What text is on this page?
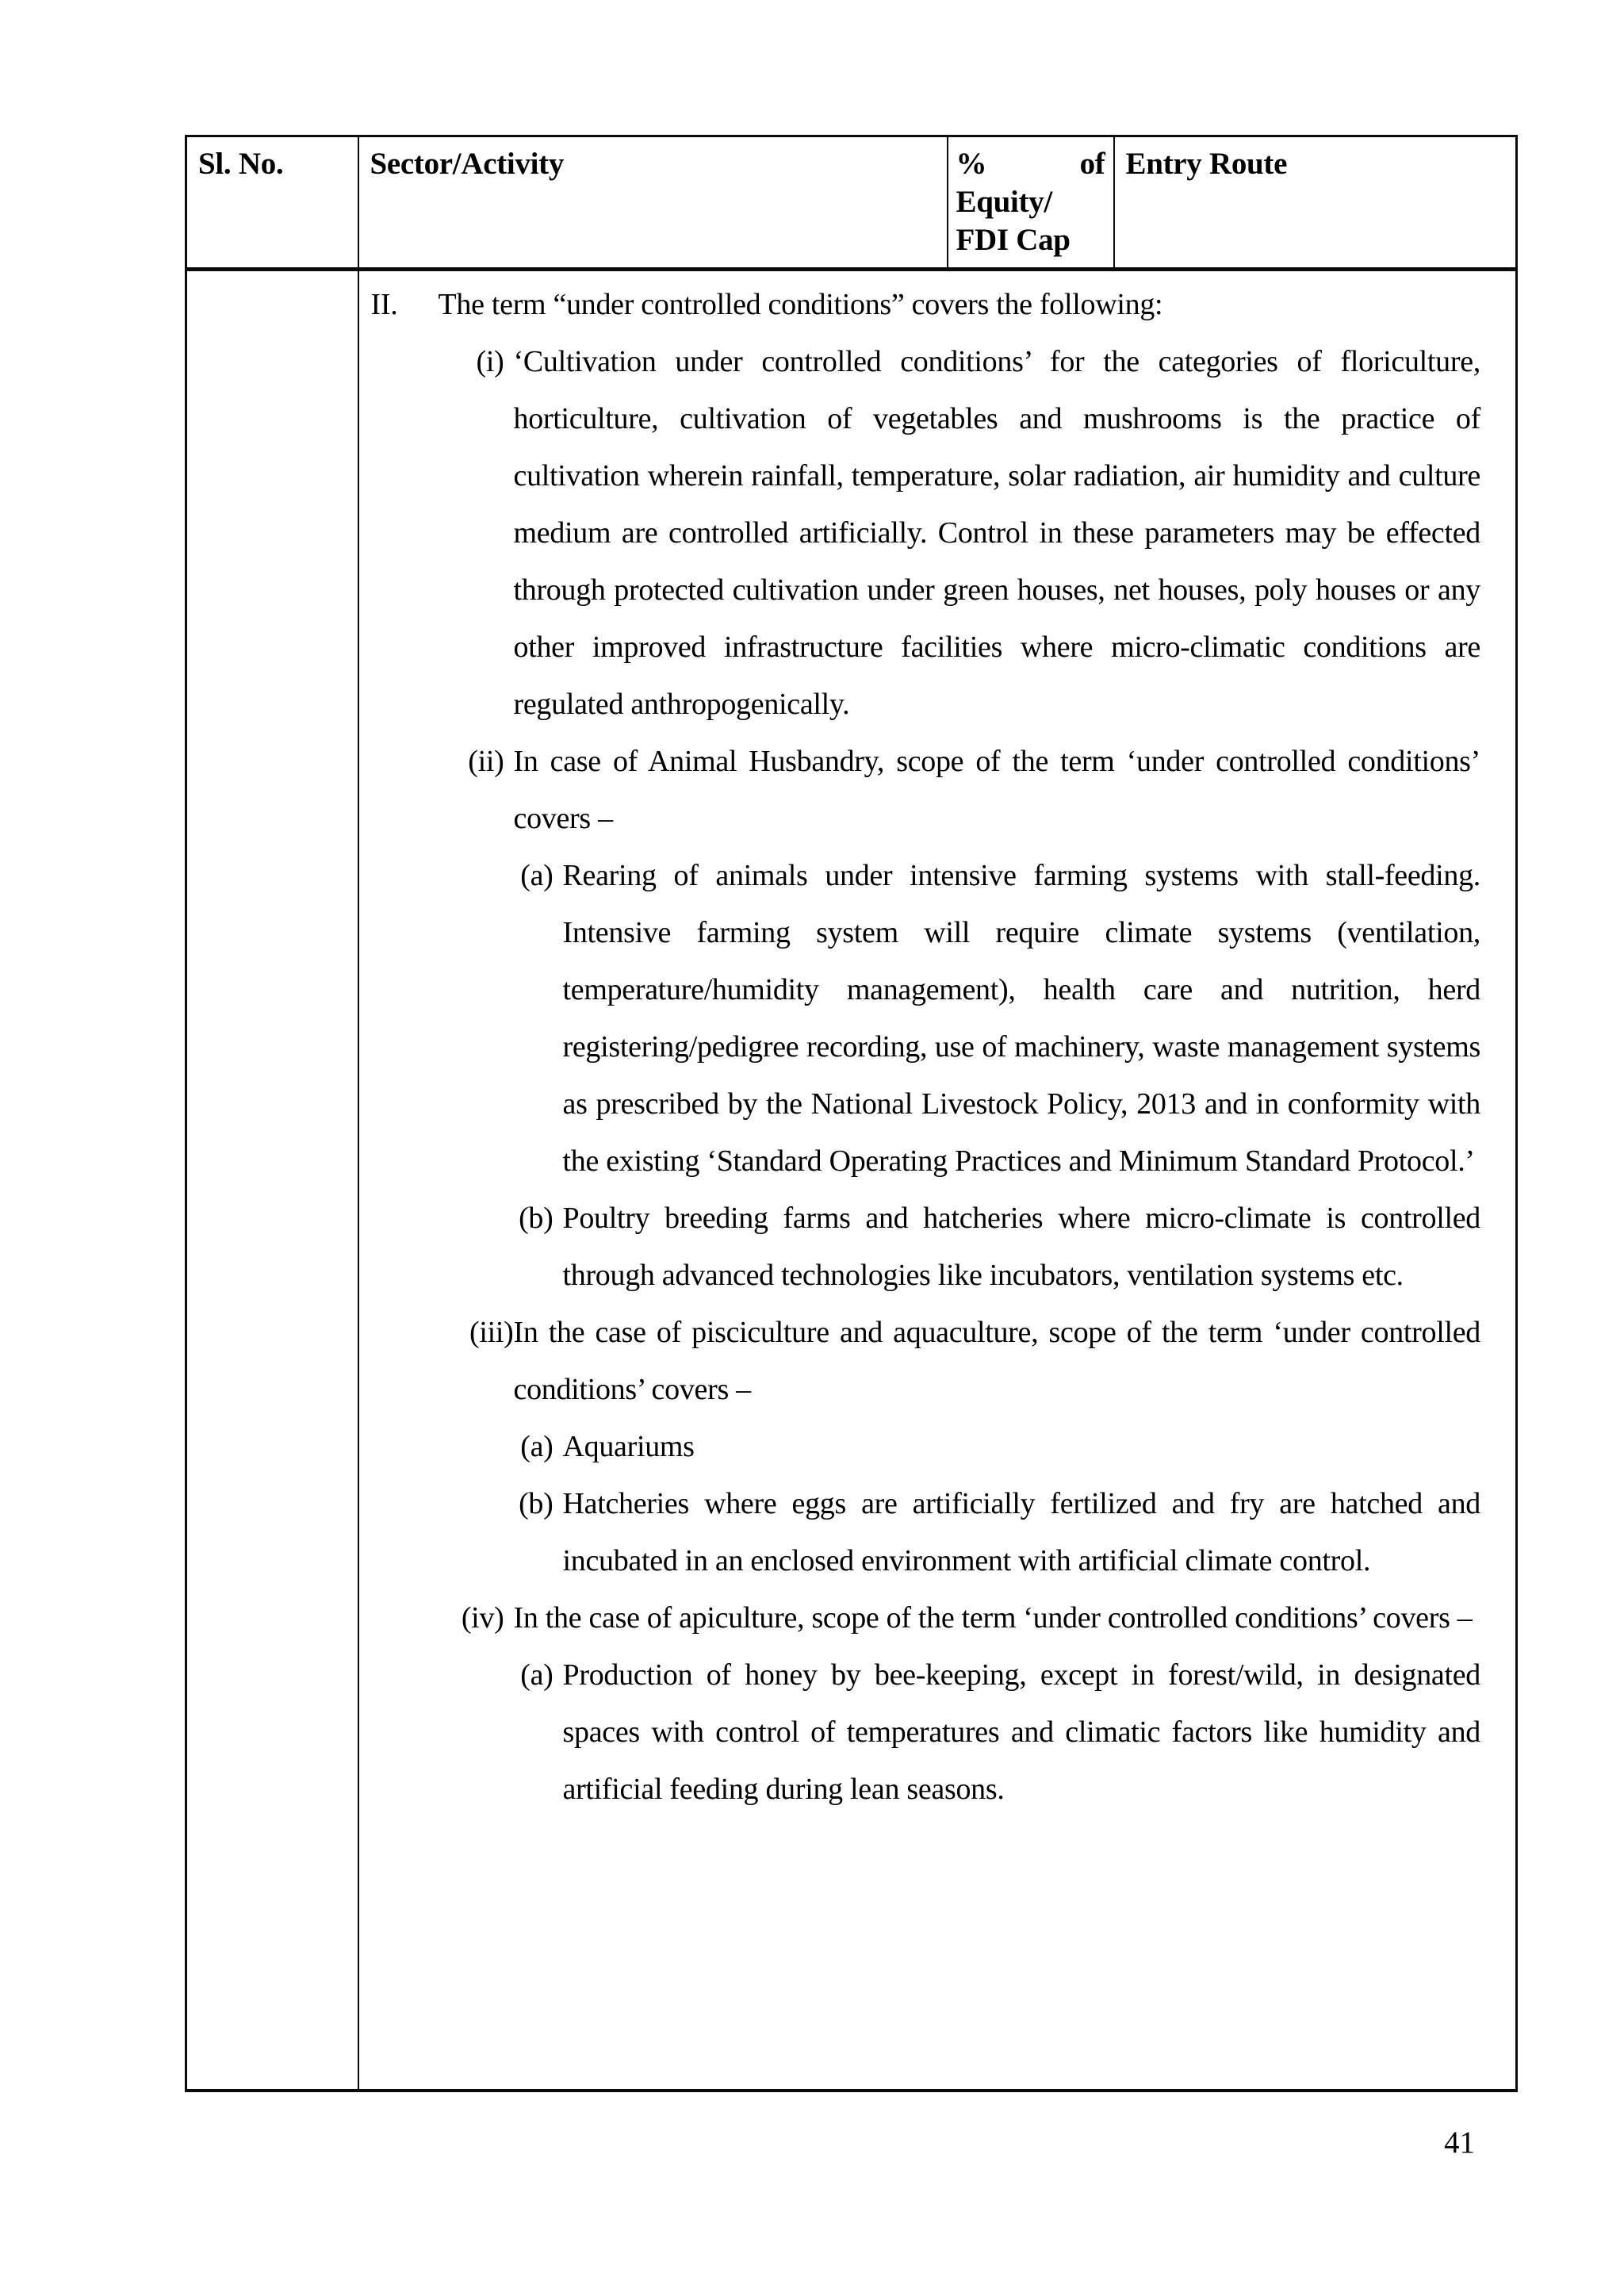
Sl. No.	Sector/Activity	% of Equity/ FDI Cap	Entry Route

II. The term “under controlled conditions” covers the following:
(i) ‘Cultivation under controlled conditions’ for the categories of floriculture, horticulture, cultivation of vegetables and mushrooms is the practice of cultivation wherein rainfall, temperature, solar radiation, air humidity and culture medium are controlled artificially. Control in these parameters may be effected through protected cultivation under green houses, net houses, poly houses or any other improved infrastructure facilities where micro-climatic conditions are regulated anthropogenically.
(ii) In case of Animal Husbandry, scope of the term ‘under controlled conditions’ covers –
(a) Rearing of animals under intensive farming systems with stall-feeding. Intensive farming system will require climate systems (ventilation, temperature/humidity management), health care and nutrition, herd registering/pedigree recording, use of machinery, waste management systems as prescribed by the National Livestock Policy, 2013 and in conformity with the existing ‘Standard Operating Practices and Minimum Standard Protocol.’
(b) Poultry breeding farms and hatcheries where micro-climate is controlled through advanced technologies like incubators, ventilation systems etc.
(iii) In the case of pisciculture and aquaculture, scope of the term ‘under controlled conditions’ covers –
(a) Aquariums
(b) Hatcheries where eggs are artificially fertilized and fry are hatched and incubated in an enclosed environment with artificial climate control.
(iv) In the case of apiculture, scope of the term ‘under controlled conditions’ covers –
(a) Production of honey by bee-keeping, except in forest/wild, in designated spaces with control of temperatures and climatic factors like humidity and artificial feeding during lean seasons.
41
